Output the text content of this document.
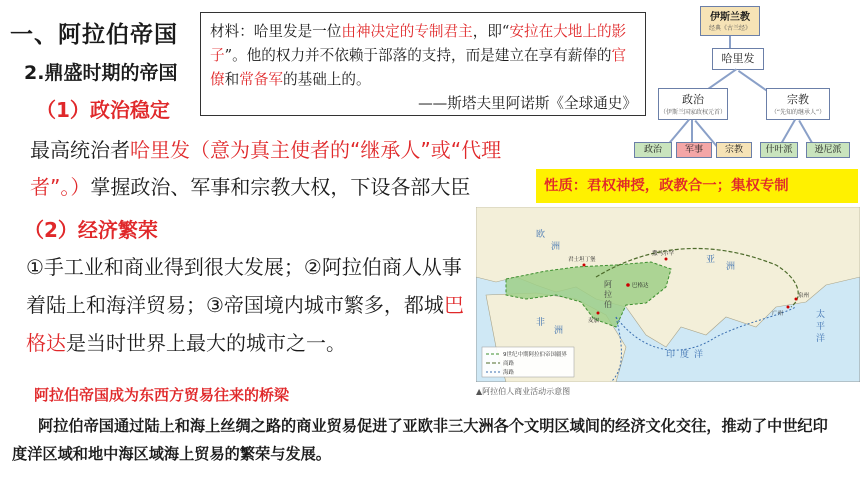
一、阿拉伯帝国
2.鼎盛时期的帝国
材料：哈里发是一位由神决定的专制君主，即“安拉在大地上的影子”。他的权力并不依赖于部落的支持，而是建立在享有薪俸的官僚和常备军的基础上的。
——斯塔夫里阿诺斯《全球通史》
伊斯兰教
经典《古兰经》
哈里发
政治
（伊斯兰国家政权元首）
宗教
（“先知的继承人”）
政治	军事	宗教	什叶派	逊尼派
（1）政治稳定
最高统治者哈里发（意为真主使者的“继承人”或“代理者”。）掌握政治、军事和宗教大权，下设各部大臣	性质：君权神授，政教合一；集权专制
（2）经济繁荣
①手工业和商业得到很大发展；②阿拉伯商人从事着陆上和海洋贸易；③帝国境内城市繁多，都城巴格达是当时世界上最大的城市之一。	9世纪中期阿拉伯帝国疆界
商路
海路
欧
洲
亚
洲
非
洲
阿
拉
伯
印 度 洋
太
平
洋
君士坦丁堡
巴格达
撒马尔罕
麦加
广州
泉州
▲阿拉伯人商业活动示意图
阿拉伯帝国成为东西方贸易往来的桥梁
阿拉伯帝国通过陆上和海上丝绸之路的商业贸易促进了亚欧非三大洲各个文明区域间的经济文化交往，推动了中世纪印度洋区域和地中海区域海上贸易的繁荣与发展。
